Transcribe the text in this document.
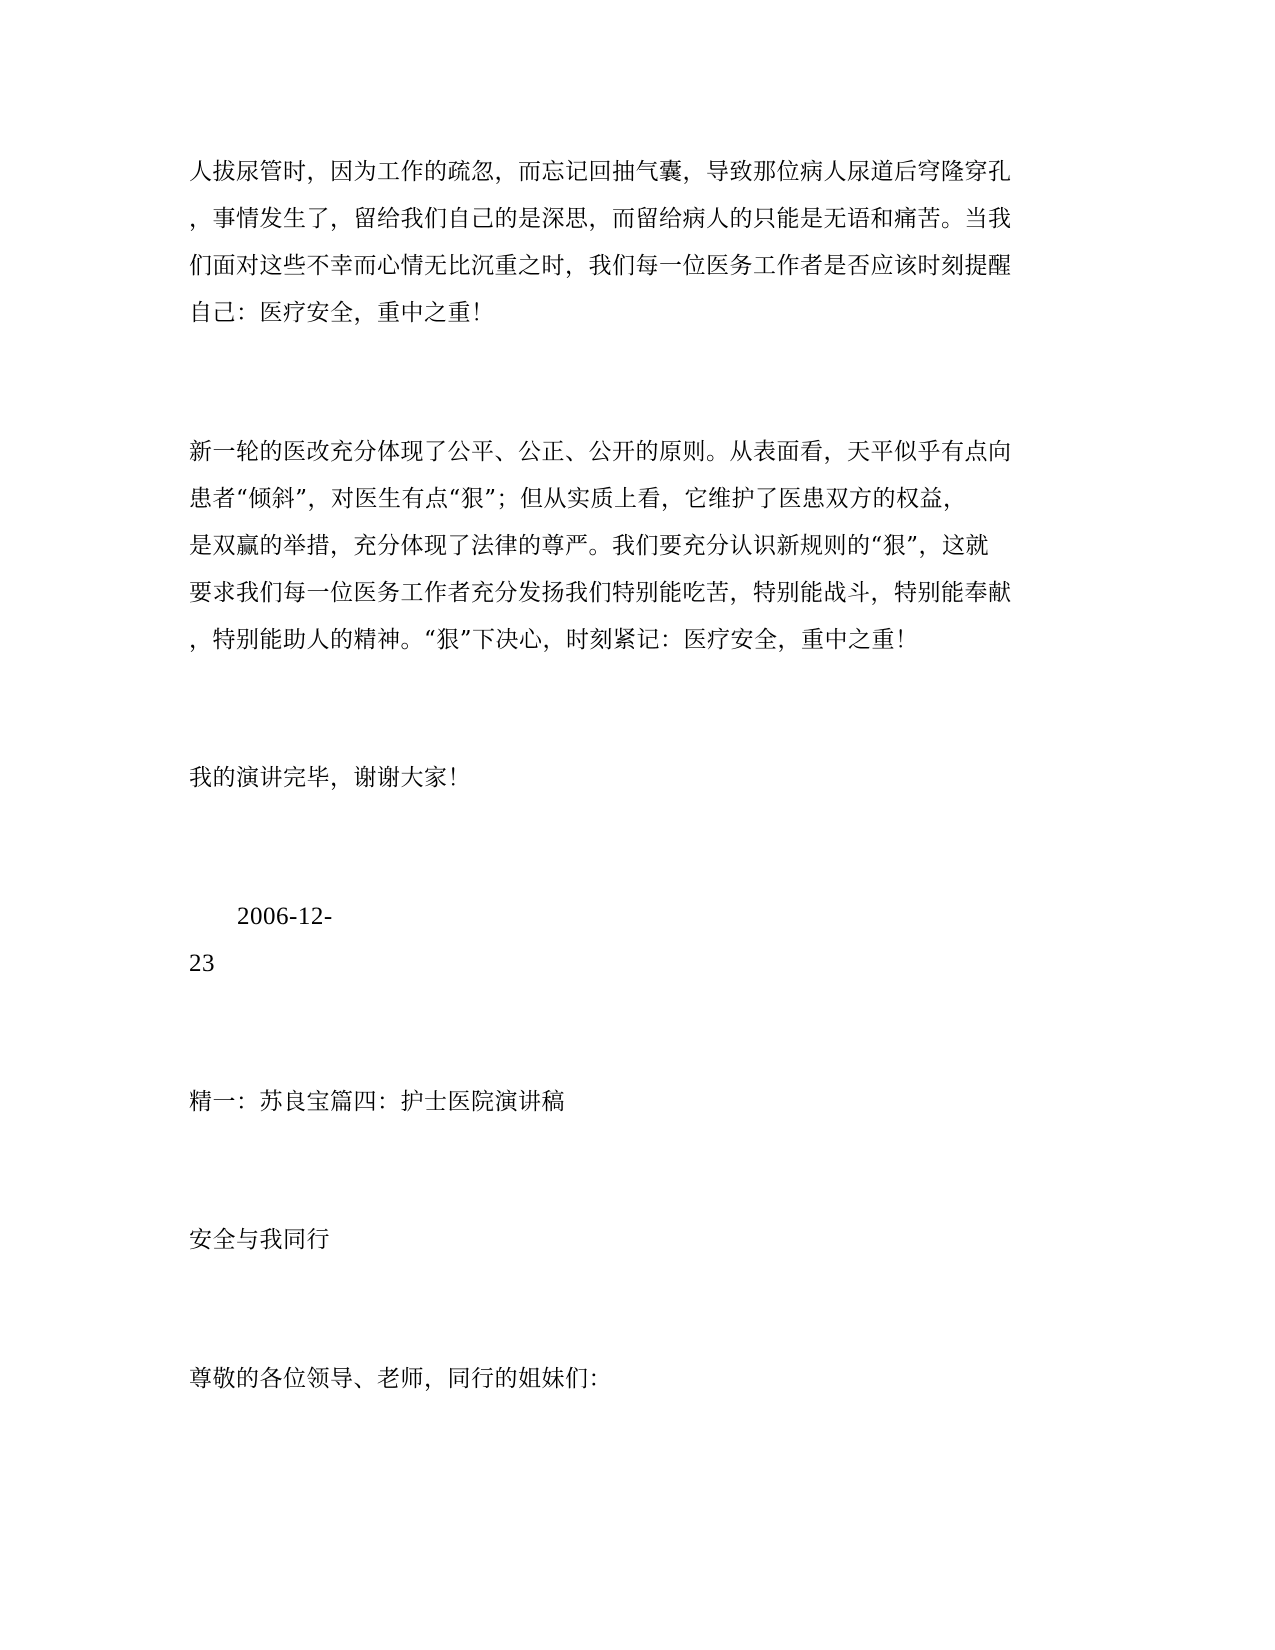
人拔尿管时，因为工作的疏忽，而忘记回抽气囊，导致那位病人尿道后穹隆穿孔
，事情发生了，留给我们自己的是深思，而留给病人的只能是无语和痛苦。当我
们面对这些不幸而心情无比沉重之时，我们每一位医务工作者是否应该时刻提醒
自己：医疗安全，重中之重！
新一轮的医改充分体现了公平、公正、公开的原则。从表面看，天平似乎有点向
患者“倾斜”，对医生有点“狠”；但从实质上看，它维护了医患双方的权益，
是双赢的举措，充分体现了法律的尊严。我们要充分认识新规则的“狠”，这就
要求我们每一位医务工作者充分发扬我们特别能吃苦，特别能战斗，特别能奉献
，特别能助人的精神。“狠”下决心，时刻紧记：医疗安全，重中之重！
我的演讲完毕，谢谢大家！
2006-12-
23
精一：苏良宝篇四：护士医院演讲稿
安全与我同行
尊敬的各位领导、老师，同行的姐妹们：
